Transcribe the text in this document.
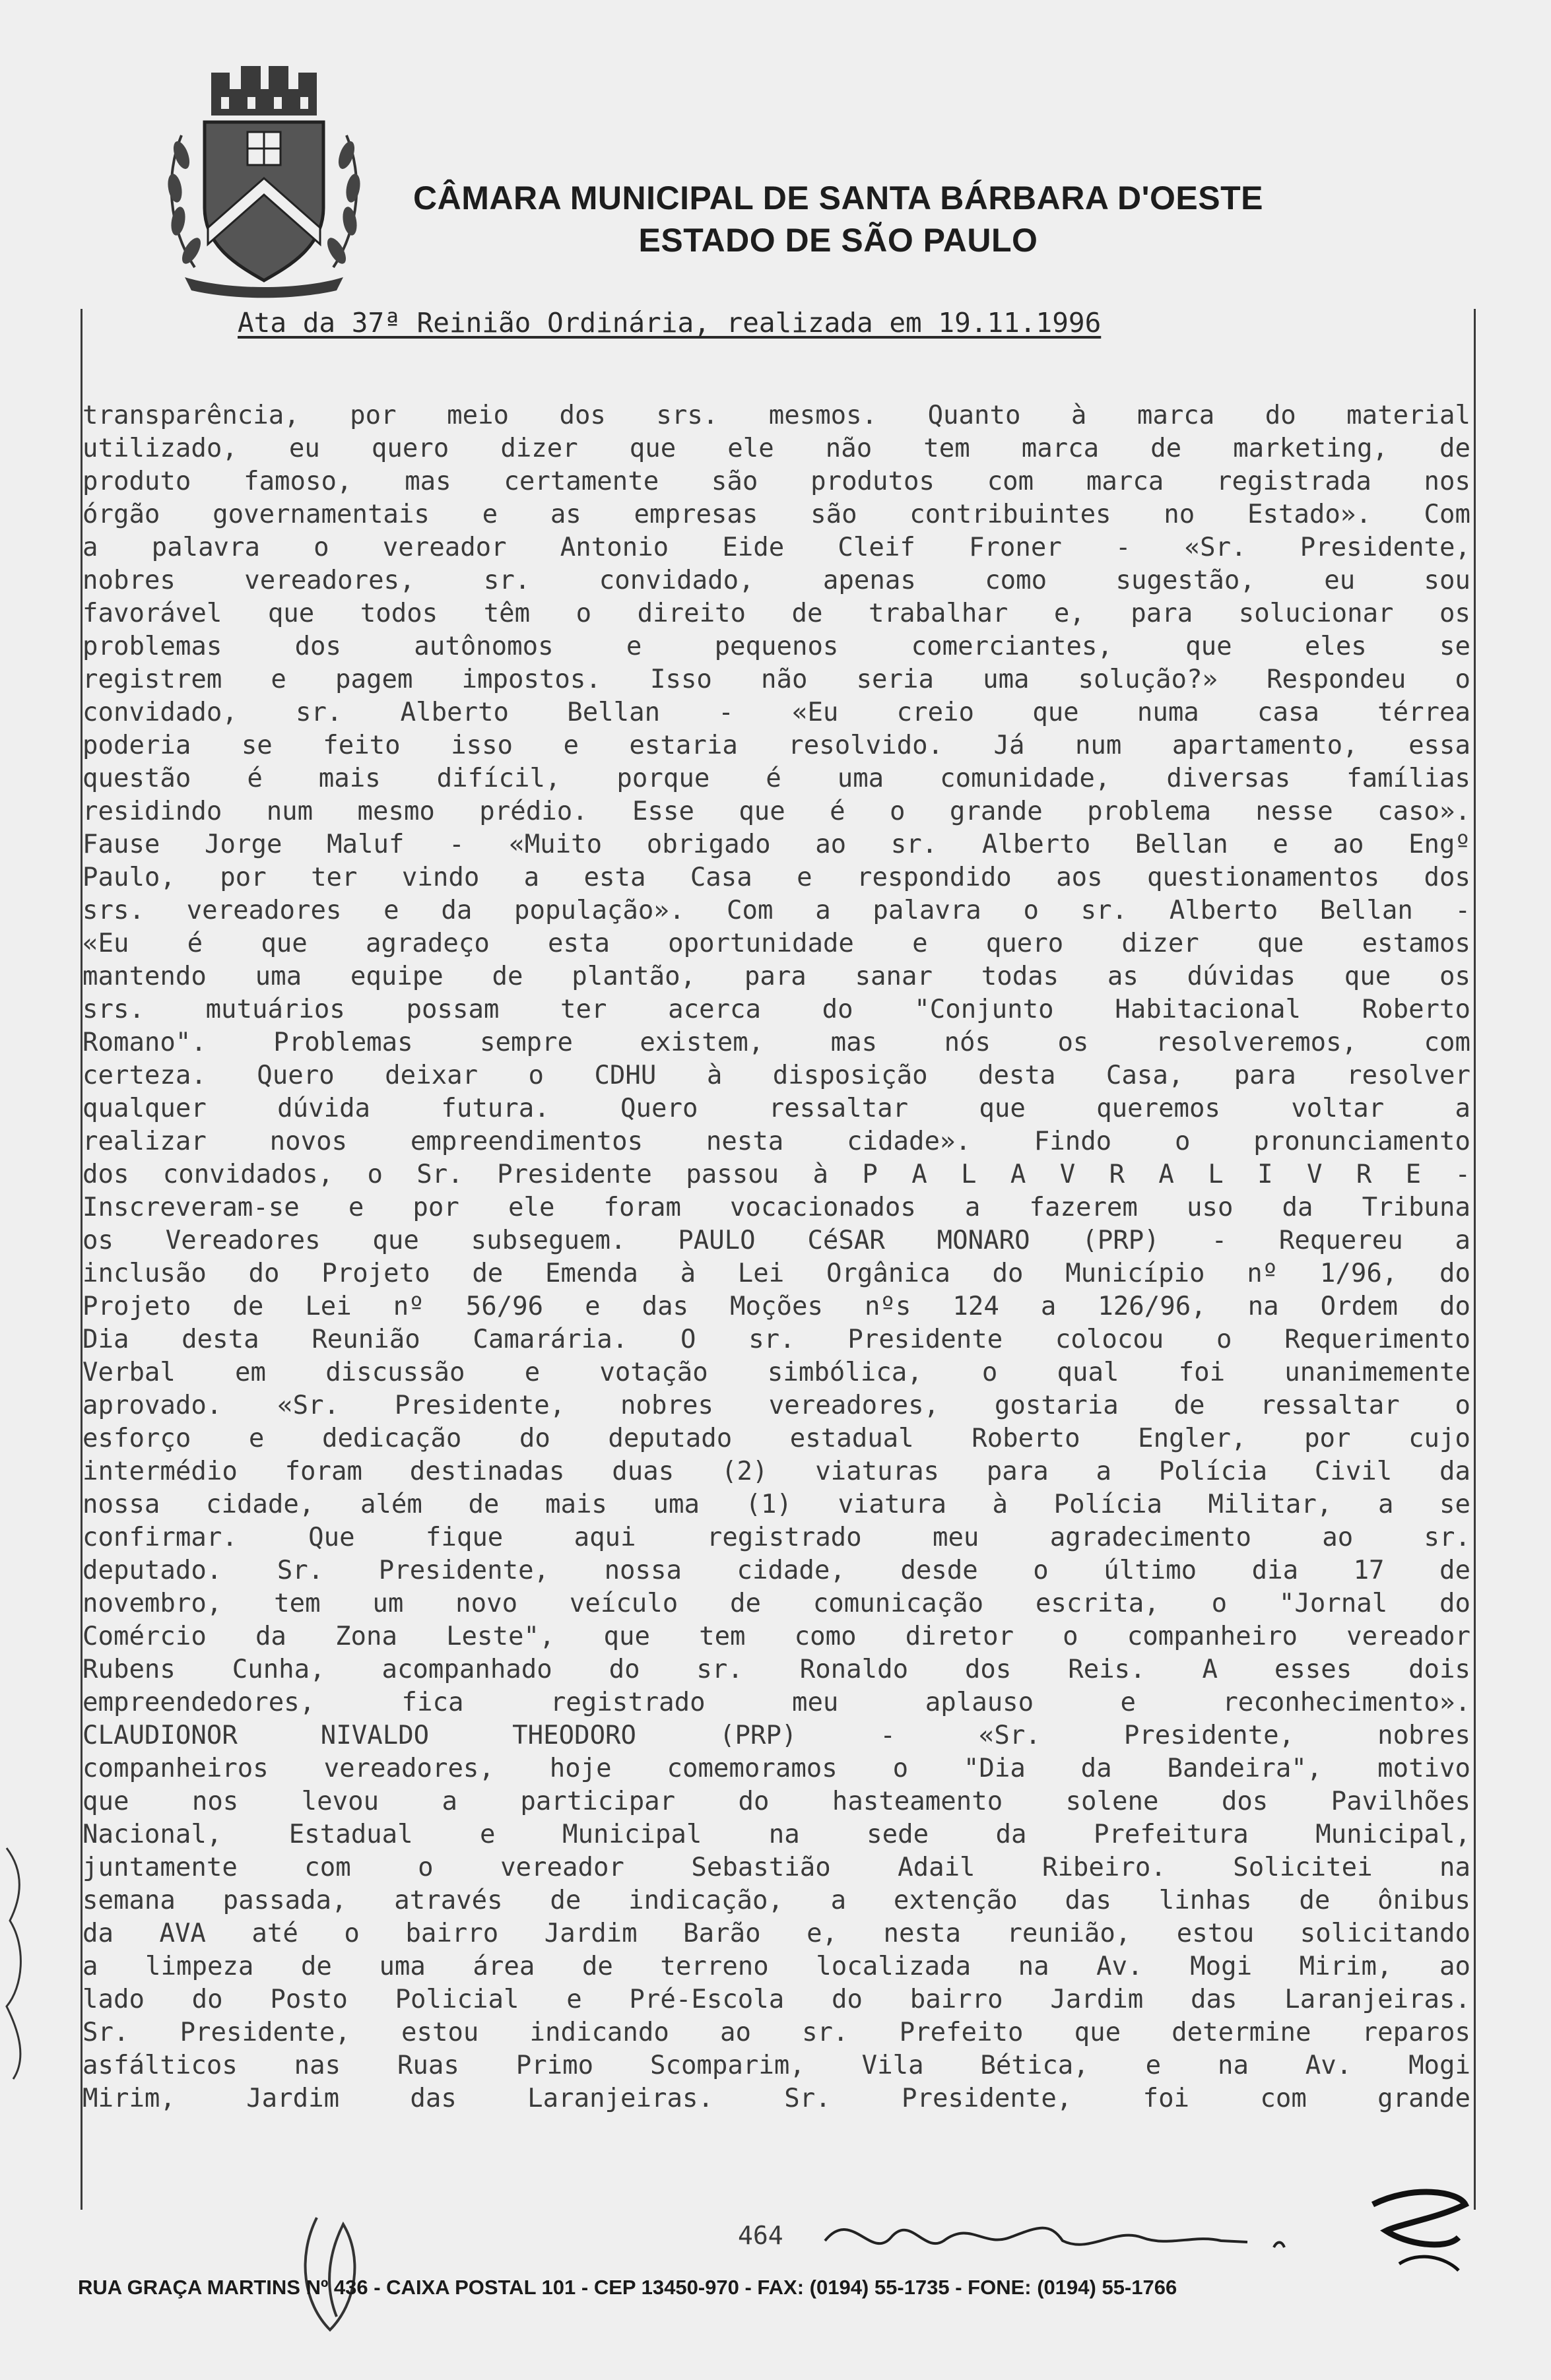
CÂMARA MUNICIPAL DE SANTA BÁRBARA D'OESTE
ESTADO DE SÃO PAULO
Ata da 37ª Reinião Ordinária, realizada em 19.11.1996
transparência, por meio dos srs. mesmos. Quanto à marca do material
utilizado, eu quero dizer que ele não tem marca de marketing, de
produto famoso, mas certamente são produtos com marca registrada nos
órgão governamentais e as empresas são contribuintes no Estado». Com
a palavra o vereador Antonio Eide Cleif Froner - «Sr. Presidente,
nobres vereadores, sr. convidado, apenas como sugestão, eu sou
favorável que todos têm o direito de trabalhar e, para solucionar os
problemas dos autônomos e pequenos comerciantes, que eles se
registrem e pagem impostos. Isso não seria uma solução?» Respondeu o
convidado, sr. Alberto Bellan - «Eu creio que numa casa térrea
poderia se feito isso e estaria resolvido. Já num apartamento, essa
questão é mais difícil, porque é uma comunidade, diversas famílias
residindo num mesmo prédio. Esse que é o grande problema nesse caso».
Fause Jorge Maluf - «Muito obrigado ao sr. Alberto Bellan e ao Engº
Paulo, por ter vindo a esta Casa e respondido aos questionamentos dos
srs. vereadores e da população». Com a palavra o sr. Alberto Bellan -
«Eu é que agradeço esta oportunidade e quero dizer que estamos
mantendo uma equipe de plantão, para sanar todas as dúvidas que os
srs. mutuários possam ter acerca do "Conjunto Habitacional Roberto
Romano". Problemas sempre existem, mas nós os resolveremos, com
certeza. Quero deixar o CDHU à disposição desta Casa, para resolver
qualquer dúvida futura. Quero ressaltar que queremos voltar a
realizar novos empreendimentos nesta cidade». Findo o pronunciamento
dos convidados, o Sr. Presidente passou à P A L A V R A L I V R E -
Inscreveram-se e por ele foram vocacionados a fazerem uso da Tribuna
os Vereadores que subseguem. PAULO CéSAR MONARO (PRP) - Requereu a
inclusão do Projeto de Emenda à Lei Orgânica do Município nº 1/96, do
Projeto de Lei nº 56/96 e das Moções nºs 124 a 126/96, na Ordem do
Dia desta Reunião Camarária. O sr. Presidente colocou o Requerimento
Verbal em discussão e votação simbólica, o qual foi unanimemente
aprovado. «Sr. Presidente, nobres vereadores, gostaria de ressaltar o
esforço e dedicação do deputado estadual Roberto Engler, por cujo
intermédio foram destinadas duas (2) viaturas para a Polícia Civil da
nossa cidade, além de mais uma (1) viatura à Polícia Militar, a se
confirmar. Que fique aqui registrado meu agradecimento ao sr.
deputado. Sr. Presidente, nossa cidade, desde o último dia 17 de
novembro, tem um novo veículo de comunicação escrita, o "Jornal do
Comércio da Zona Leste", que tem como diretor o companheiro vereador
Rubens Cunha, acompanhado do sr. Ronaldo dos Reis. A esses dois
empreendedores, fica registrado meu aplauso e reconhecimento».
CLAUDIONOR NIVALDO THEODORO (PRP) - «Sr. Presidente, nobres
companheiros vereadores, hoje comemoramos o "Dia da Bandeira", motivo
que nos levou a participar do hasteamento solene dos Pavilhões
Nacional, Estadual e Municipal na sede da Prefeitura Municipal,
juntamente com o vereador Sebastião Adail Ribeiro. Solicitei na
semana passada, através de indicação, a extenção das linhas de ônibus
da AVA até o bairro Jardim Barão e, nesta reunião, estou solicitando
a limpeza de uma área de terreno localizada na Av. Mogi Mirim, ao
lado do Posto Policial e Pré-Escola do bairro Jardim das Laranjeiras.
Sr. Presidente, estou indicando ao sr. Prefeito que determine reparos
asfálticos nas Ruas Primo Scomparim, Vila Bética, e na Av. Mogi
Mirim, Jardim das Laranjeiras. Sr. Presidente, foi com grande
464
RUA GRAÇA MARTINS Nº 436 - CAIXA POSTAL 101 - CEP 13450-970 - FAX: (0194) 55-1735 - FONE: (0194) 55-1766
